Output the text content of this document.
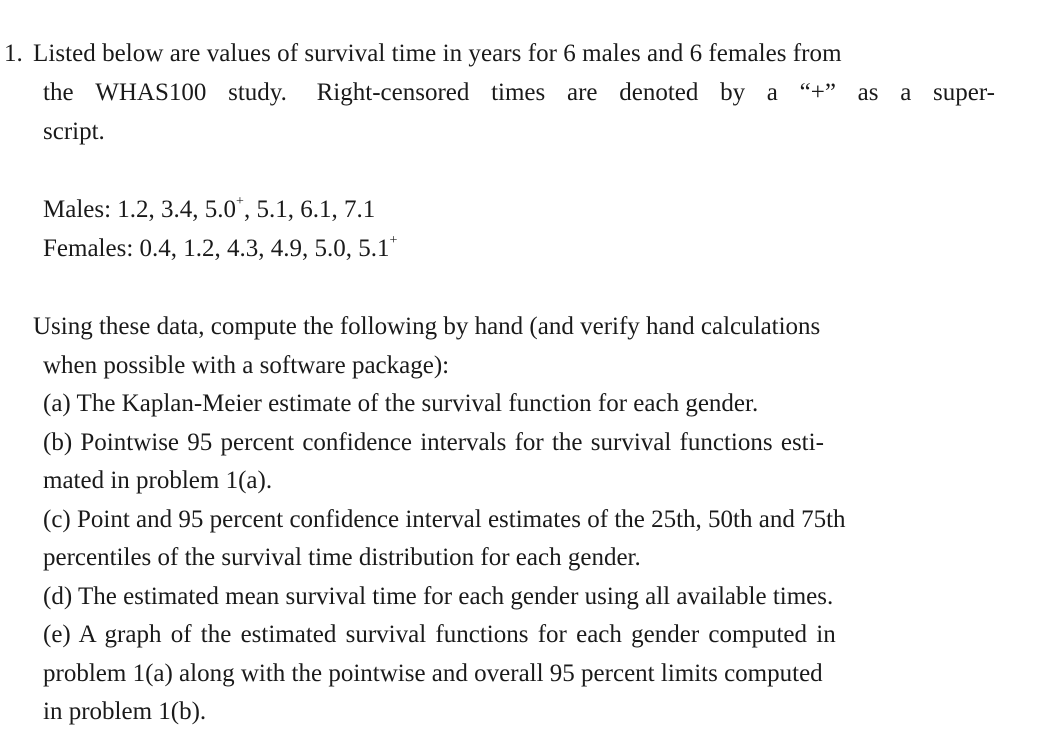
1. Listed below are values of survival time in years for 6 males and 6 females from
the WHAS100 study. Right-censored times are denoted by a “+” as a super-
script.
Males: 1.2, 3.4, 5.0+, 5.1, 6.1, 7.1
Females: 0.4, 1.2, 4.3, 4.9, 5.0, 5.1+
Using these data, compute the following by hand (and verify hand calculations
when possible with a software package):
(a) The Kaplan-Meier estimate of the survival function for each gender.
(b) Pointwise 95 percent confidence intervals for the survival functions esti-
mated in problem 1(a).
(c) Point and 95 percent confidence interval estimates of the 25th, 50th and 75th
percentiles of the survival time distribution for each gender.
(d) The estimated mean survival time for each gender using all available times.
(e) A graph of the estimated survival functions for each gender computed in
problem 1(a) along with the pointwise and overall 95 percent limits computed
in problem 1(b).
